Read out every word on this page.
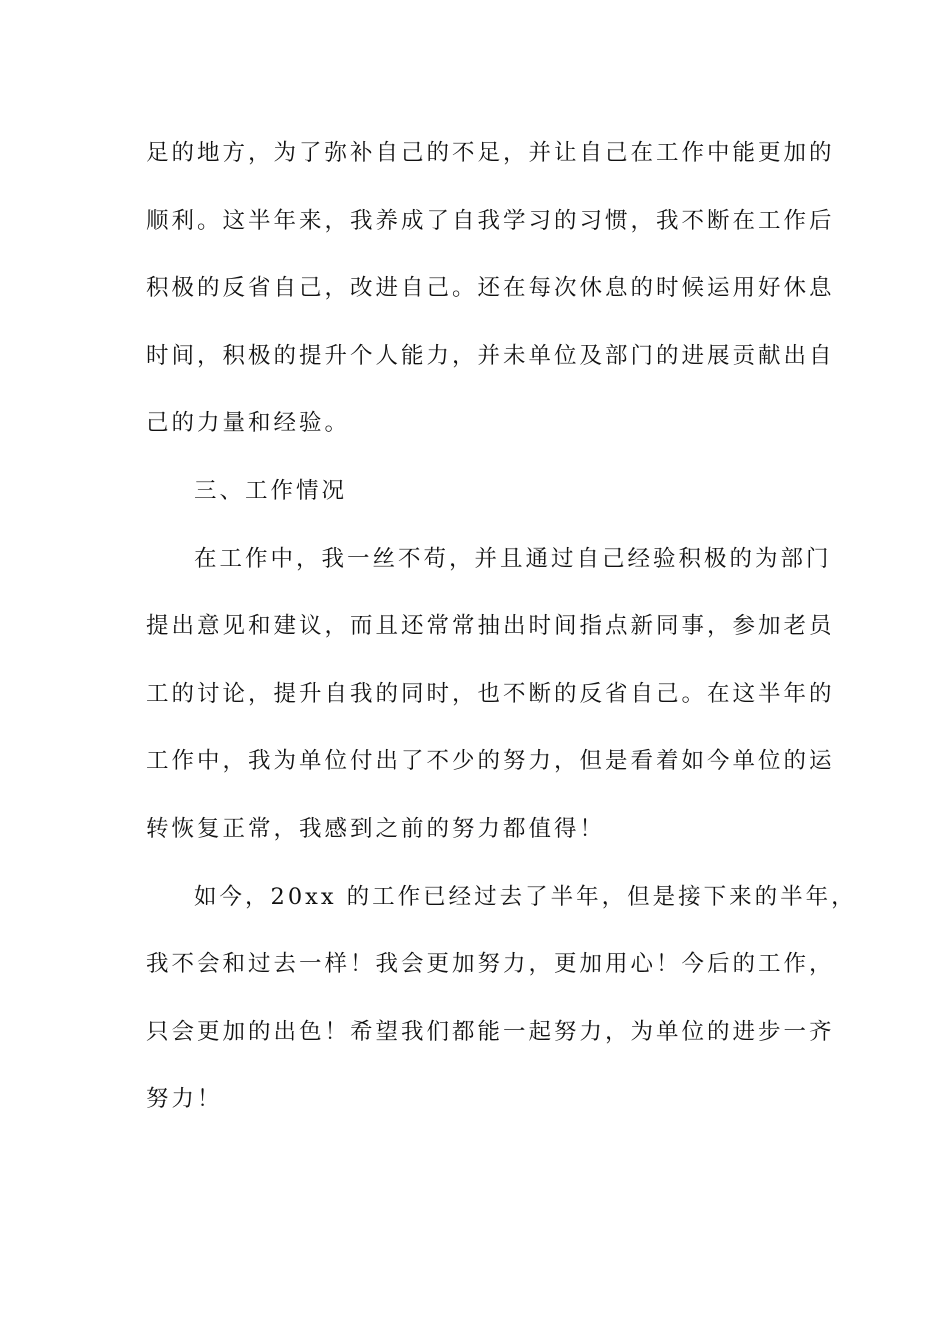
足的地方，为了弥补自己的不足，并让自己在工作中能更加的
顺利。这半年来，我养成了自我学习的习惯，我不断在工作后
积极的反省自己，改进自己。还在每次休息的时候运用好休息
时间，积极的提升个人能力，并未单位及部门的进展贡献出自
己的力量和经验。
三、工作情况
在工作中，我一丝不苟，并且通过自己经验积极的为部门
提出意见和建议，而且还常常抽出时间指点新同事，参加老员
工的讨论，提升自我的同时，也不断的反省自己。在这半年的
工作中，我为单位付出了不少的努力，但是看着如今单位的运
转恢复正常，我感到之前的努力都值得！
如今，20xx 的工作已经过去了半年，但是接下来的半年，
我不会和过去一样！我会更加努力，更加用心！今后的工作，
只会更加的出色！希望我们都能一起努力，为单位的进步一齐
努力！
